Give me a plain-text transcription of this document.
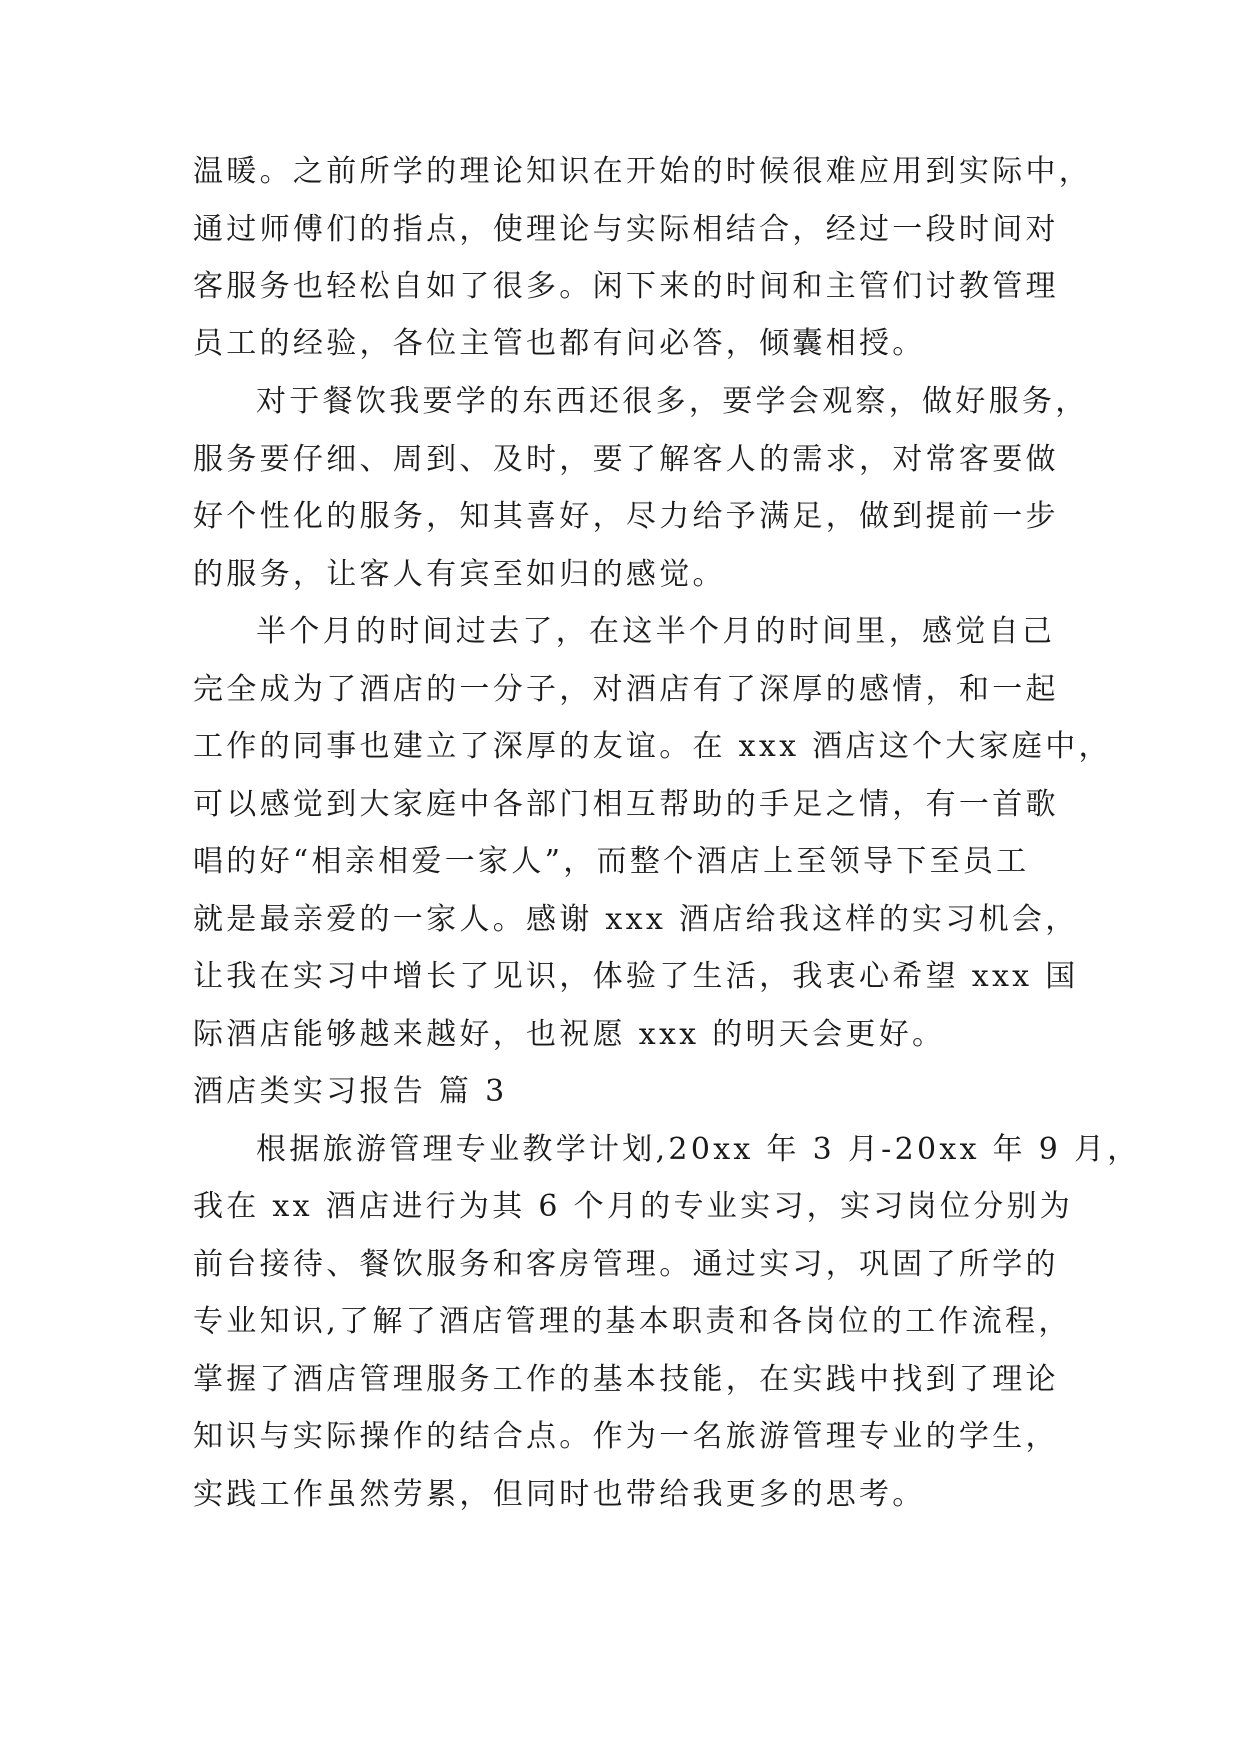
温暖。之前所学的理论知识在开始的时候很难应用到实际中，
通过师傅们的指点，使理论与实际相结合，经过一段时间对
客服务也轻松自如了很多。闲下来的时间和主管们讨教管理
员工的经验，各位主管也都有问必答，倾囊相授。
对于餐饮我要学的东西还很多，要学会观察，做好服务，
服务要仔细、周到、及时，要了解客人的需求，对常客要做
好个性化的服务，知其喜好，尽力给予满足，做到提前一步
的服务，让客人有宾至如归的感觉。
半个月的时间过去了，在这半个月的时间里，感觉自己
完全成为了酒店的一分子，对酒店有了深厚的感情，和一起
工作的同事也建立了深厚的友谊。在 xxx 酒店这个大家庭中，
可以感觉到大家庭中各部门相互帮助的手足之情，有一首歌
唱的好“相亲相爱一家人”，而整个酒店上至领导下至员工
就是最亲爱的一家人。感谢 xxx 酒店给我这样的实习机会，
让我在实习中增长了见识，体验了生活，我衷心希望 xxx 国
际酒店能够越来越好，也祝愿 xxx 的明天会更好。
酒店类实习报告 篇 3
根据旅游管理专业教学计划,20xx 年 3 月-20xx 年 9 月，
我在 xx 酒店进行为其 6 个月的专业实习，实习岗位分别为
前台接待、餐饮服务和客房管理。通过实习，巩固了所学的
专业知识,了解了酒店管理的基本职责和各岗位的工作流程，
掌握了酒店管理服务工作的基本技能，在实践中找到了理论
知识与实际操作的结合点。作为一名旅游管理专业的学生，
实践工作虽然劳累，但同时也带给我更多的思考。
